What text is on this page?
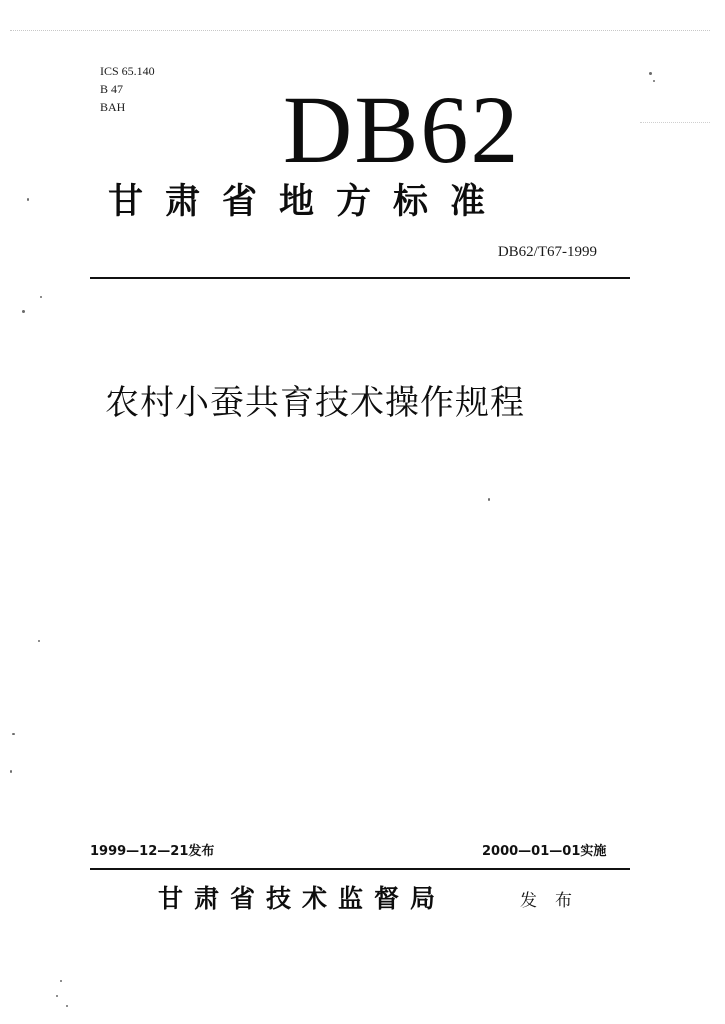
ICS 65.140
B 47
BAH	DB62
甘肃省地方标准
DB62/T67-1999
农村小蚕共育技术操作规程
1999—12—21发布	2000—01—01实施
甘肃省技术监督局	发布
